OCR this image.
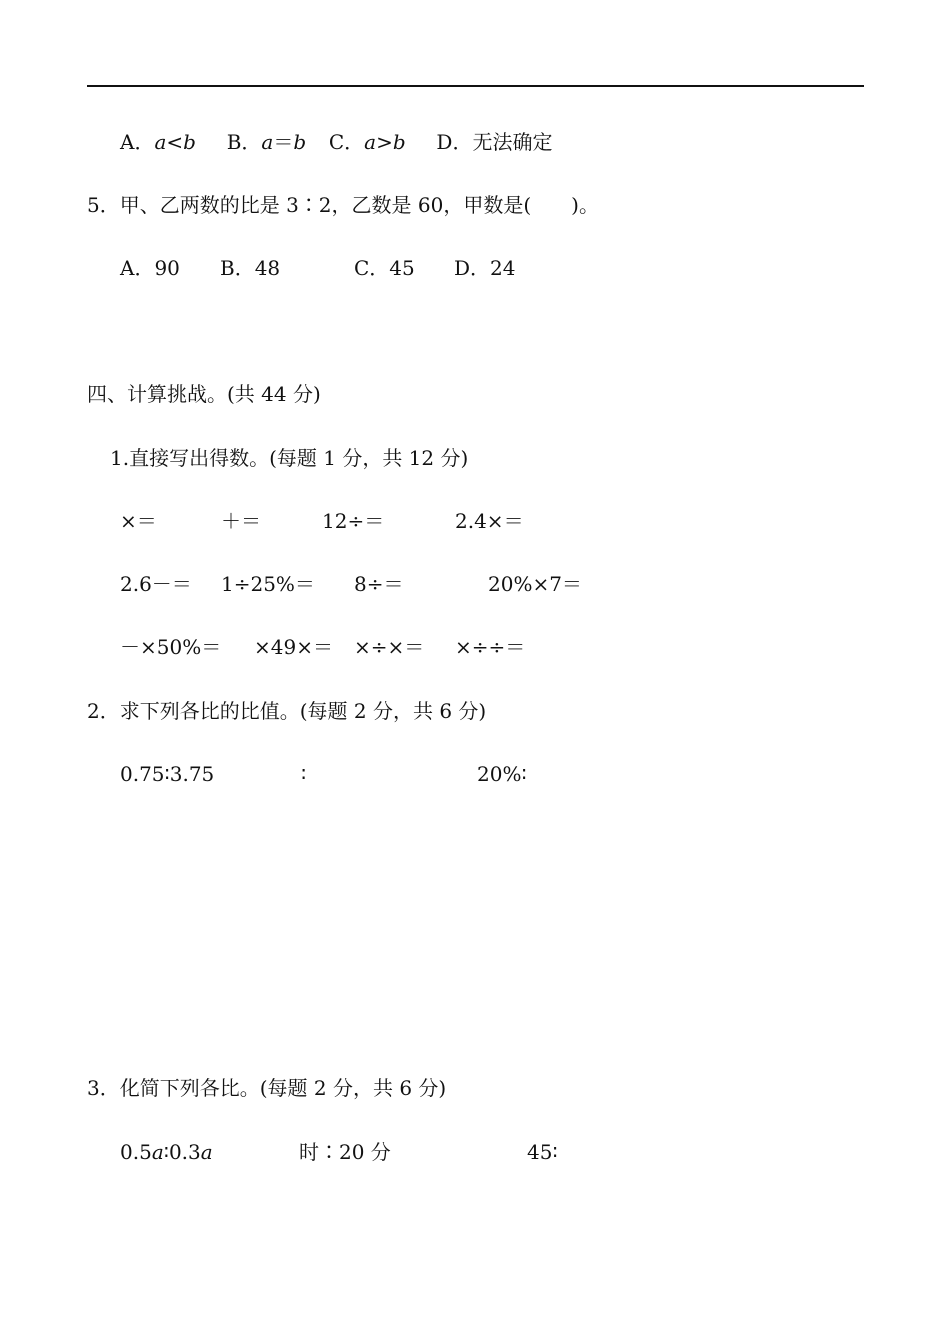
A．a<b B．a＝b C．a>b D．无法确定
5．甲、乙两数的比是 3∶2，乙数是 60，甲数是(　　)。
A．90 B．48	C．45 D．24
四、计算挑战。(共 44 分)
1.直接写出得数。(每题 1 分，共 12 分)
×＝	＋＝	12÷＝	2.4×＝
2.6－＝ 1÷25%＝ 8÷＝	20%×7＝
－×50%＝ ×49×＝ ×÷×＝ ×÷÷＝
2．求下列各比的比值。(每题 2 分，共 6 分)
0.75∶3.75	∶	20%∶
3．化简下列各比。(每题 2 分，共 6 分)
0.5a∶0.3a	时∶20 分	45∶
